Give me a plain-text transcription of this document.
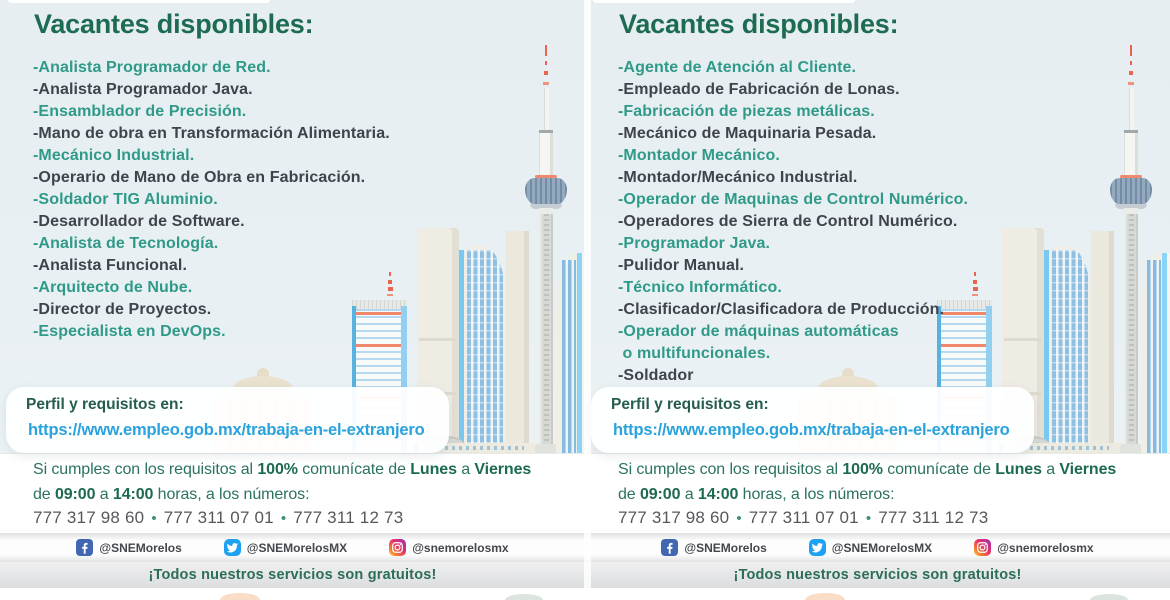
Vacantes disponibles:
-Analista Programador de Red.
-Analista Programador Java.
-Ensamblador de Precisión.
-Mano de obra en Transformación Alimentaria.
-Mecánico Industrial.
-Operario de Mano de Obra en Fabricación.
-Soldador TIG Aluminio.
-Desarrollador de Software.
-Analista de Tecnología.
-Analista Funcional.
-Arquitecto de Nube.
-Director de Proyectos.
-Especialista en DevOps.
Perfil y requisitos en:
https://www.empleo.gob.mx/trabaja-en-el-extranjero
Si cumples con los requisitos al 100% comunícate de Lunes a Viernes
de 09:00 a 14:00 horas, a los números:
777 317 98 60 • 777 311 07 01 • 777 311 12 73
@SNEMorelos	@SNEMorelosMX	@snemorelosmx
¡Todos nuestros servicios son gratuitos!
Vacantes disponibles:
-Agente de Atención al Cliente.
-Empleado de Fabricación de Lonas.
-Fabricación de piezas metálicas.
-Mecánico de Maquinaria Pesada.
-Montador Mecánico.
-Montador/Mecánico Industrial.
-Operador de Maquinas de Control Numérico.
-Operadores de Sierra de Control Numérico.
-Programador Java.
-Pulidor Manual.
-Técnico Informático.
-Clasificador/Clasificadora de Producción.
-Operador de máquinas automáticas
o multifuncionales.
-Soldador
Perfil y requisitos en:
https://www.empleo.gob.mx/trabaja-en-el-extranjero
Si cumples con los requisitos al 100% comunícate de Lunes a Viernes
de 09:00 a 14:00 horas, a los números:
777 317 98 60 • 777 311 07 01 • 777 311 12 73
@SNEMorelos	@SNEMorelosMX	@snemorelosmx
¡Todos nuestros servicios son gratuitos!
